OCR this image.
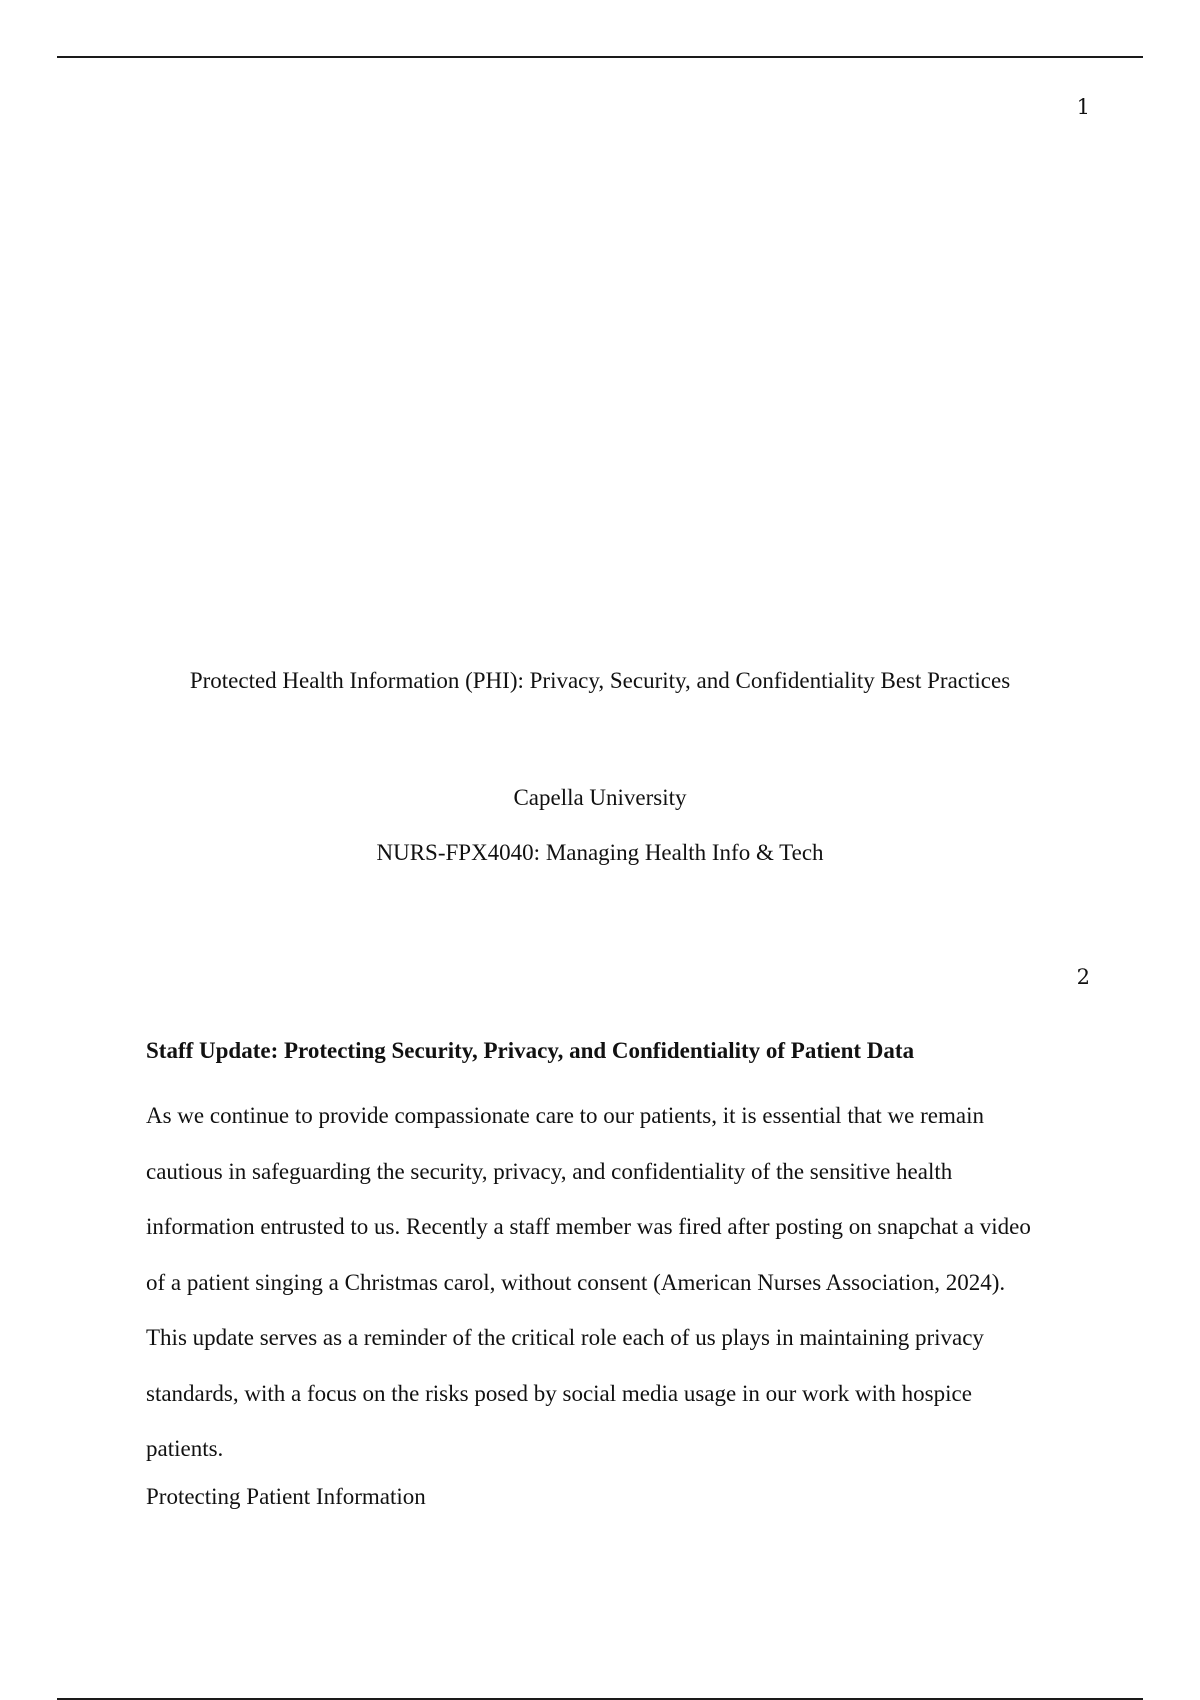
1
Protected Health Information (PHI): Privacy, Security, and Confidentiality Best Practices
Capella University
NURS-FPX4040: Managing Health Info & Tech
2
Staff Update: Protecting Security, Privacy, and Confidentiality of Patient Data

As we continue to provide compassionate care to our patients, it is essential that we remain
cautious in safeguarding the security, privacy, and confidentiality of the sensitive health
information entrusted to us. Recently a staff member was fired after posting on snapchat a video
of a patient singing a Christmas carol, without consent (American Nurses Association, 2024).
This update serves as a reminder of the critical role each of us plays in maintaining privacy
standards, with a focus on the risks posed by social media usage in our work with hospice
patients.

Protecting Patient Information
